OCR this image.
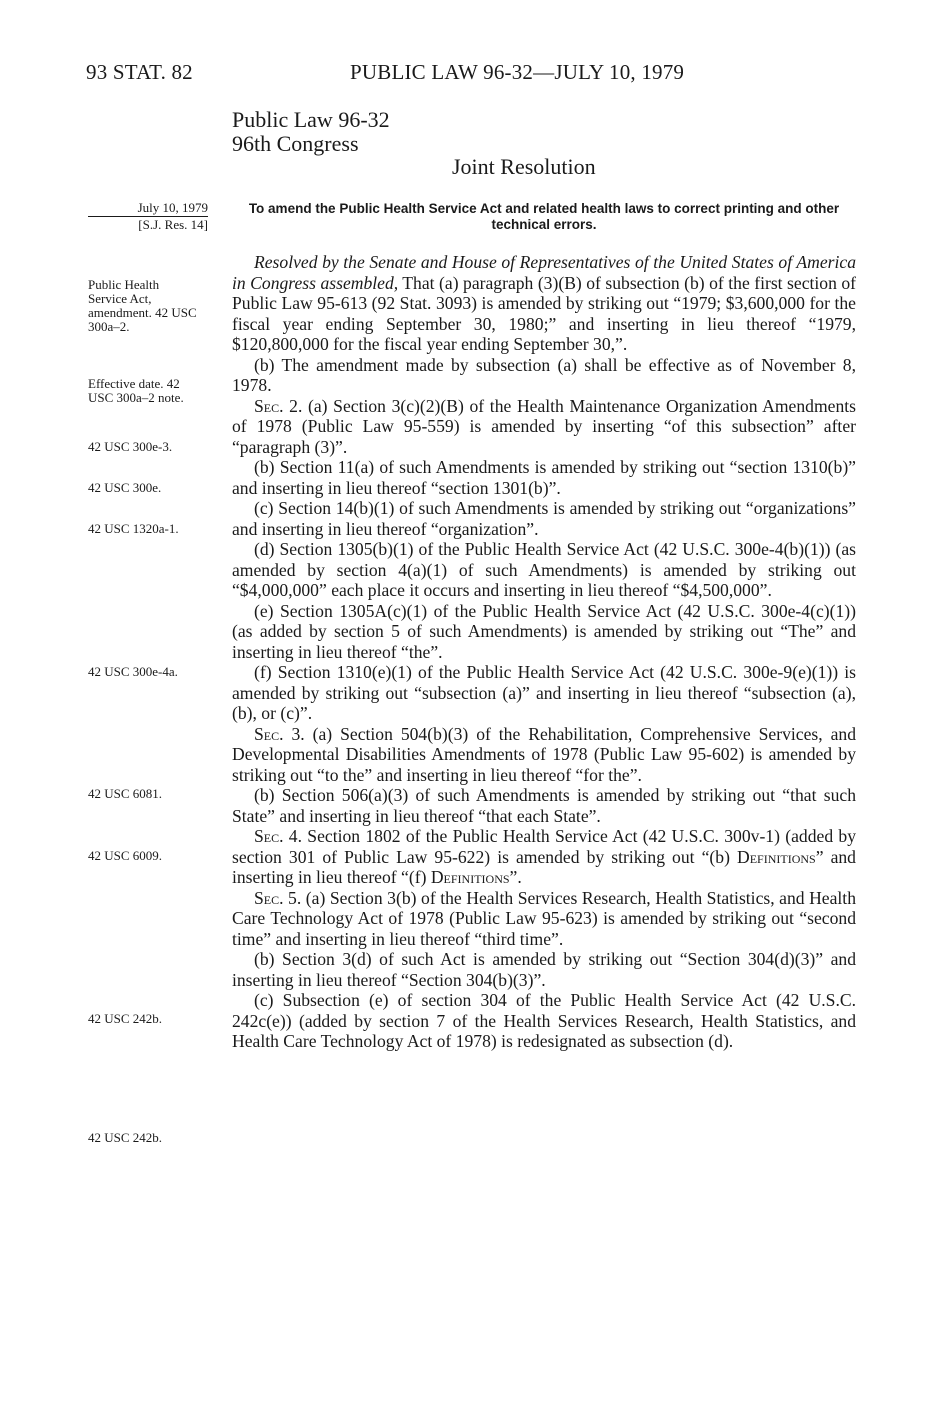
93 STAT. 82	PUBLIC LAW 96-32—JULY 10, 1979
Public Law 96-32
96th Congress
Joint Resolution
July 10, 1979
[S.J. Res. 14]
To amend the Public Health Service Act and related health laws to correct printing and other technical errors.
Public Health Service Act, amendment. 42 USC 300a–2.
Effective date. 42 USC 300a–2 note.
42 USC 300e-3.
42 USC 300e.
42 USC 1320a-1.
42 USC 300e-4a.
42 USC 6081.
42 USC 6009.
42 USC 242b.
42 USC 242b.

Resolved by the Senate and House of Representatives of the United States of America in Congress assembled, That (a) paragraph (3)(B) of subsection (b) of the first section of Public Law 95-613 (92 Stat. 3093) is amended by striking out “1979; $3,600,000 for the fiscal year ending September 30, 1980;” and inserting in lieu thereof “1979, $120,800,000 for the fiscal year ending September 30,”.

(b) The amendment made by subsection (a) shall be effective as of November 8, 1978.

Sec. 2. (a) Section 3(c)(2)(B) of the Health Maintenance Organization Amendments of 1978 (Public Law 95-559) is amended by inserting “of this subsection” after “paragraph (3)”.

(b) Section 11(a) of such Amendments is amended by striking out “section 1310(b)” and inserting in lieu thereof “section 1301(b)”.

(c) Section 14(b)(1) of such Amendments is amended by striking out “organizations” and inserting in lieu thereof “organization”.

(d) Section 1305(b)(1) of the Public Health Service Act (42 U.S.C. 300e-4(b)(1)) (as amended by section 4(a)(1) of such Amendments) is amended by striking out “$4,000,000” each place it occurs and inserting in lieu thereof “$4,500,000”.

(e) Section 1305A(c)(1) of the Public Health Service Act (42 U.S.C. 300e-4(c)(1)) (as added by section 5 of such Amendments) is amended by striking out “The” and inserting in lieu thereof “the”.

(f) Section 1310(e)(1) of the Public Health Service Act (42 U.S.C. 300e-9(e)(1)) is amended by striking out “subsection (a)” and inserting in lieu thereof “subsection (a), (b), or (c)”.

Sec. 3. (a) Section 504(b)(3) of the Rehabilitation, Comprehensive Services, and Developmental Disabilities Amendments of 1978 (Public Law 95-602) is amended by striking out “to the” and inserting in lieu thereof “for the”.

(b) Section 506(a)(3) of such Amendments is amended by striking out “that such State” and inserting in lieu thereof “that each State”.

Sec. 4. Section 1802 of the Public Health Service Act (42 U.S.C. 300v-1) (added by section 301 of Public Law 95-622) is amended by striking out “(b) Definitions” and inserting in lieu thereof “(f) Definitions”.

Sec. 5. (a) Section 3(b) of the Health Services Research, Health Statistics, and Health Care Technology Act of 1978 (Public Law 95-623) is amended by striking out “second time” and inserting in lieu thereof “third time”.

(b) Section 3(d) of such Act is amended by striking out “Section 304(d)(3)” and inserting in lieu thereof “Section 304(b)(3)”.

(c) Subsection (e) of section 304 of the Public Health Service Act (42 U.S.C. 242c(e)) (added by section 7 of the Health Services Research, Health Statistics, and Health Care Technology Act of 1978) is redesignated as subsection (d).
